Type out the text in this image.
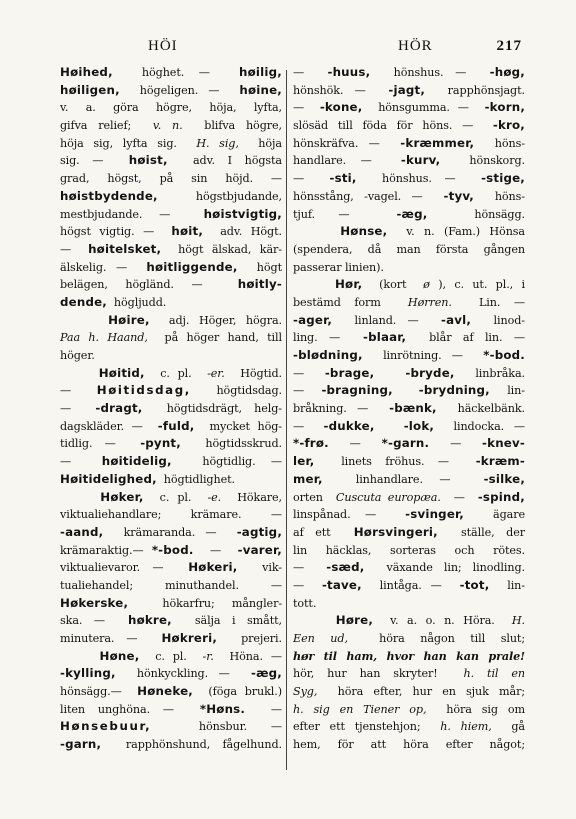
HÖI	HÖR	217
Høihed,  höghet. —  høilig,
høiligen,  högeligen. —  høine,
v. a. göra högre, höja, lyfta,
gifva relief;  v. n.  blifva högre,
höja sig, lyfta sig.  H. sig,  höja
sig. —  høist,  adv. I högsta
grad, högst, på sin höjd. —
høistbydende,  högstbjudande,
mestbjudande. —  høistvigtig,
högst vigtig. —  høit,  adv. Högt.
—  høitelsket,  högt älskad, kär-
älskelig. —  høitliggende,  högt
belägen, högländ. —  høitly-
dende,  högljudd.
Høire,  adj. Höger, högra.
Paa h. Haand,  på höger hand, till
höger.
Høitid,  c. pl.  -er.  Högtid.
—  Høitidsdag,  högtidsdag.
—  -dragt,  högtidsdrägt, helg-
dagskläder. —  -fuld,  mycket hög-
tidlig. —  -pynt,  högtidsskrud.
—  høitidelig,  högtidlig. —
Høitidelighed,  högtidlighet.
Høker,  c. pl.  -e.  Hökare,
viktualiehandlare; krämare. —
-aand,  krämaranda. —  -agtig,
krämaraktig.— *-bod.  —  -varer,
viktualievaror. —  Høkeri,  vik-
tualiehandel; minuthandel. —
Høkerske,  hökarfru; mångler-
ska. —  høkre,  sälja i smått,
minutera. —  Høkreri,  prejeri.
Høne,  c. pl.  -r.  Höna. —
-kylling,  hönkyckling. —  -æg,
hönsägg.—  Høneke,  (föga brukl.)
liten unghöna. —  *Høns.  —
Hønsebuur,  hönsbur. —
-garn,  rapphönshund, fågelhund.
—  -huus,  hönshus. —  -høg,
hönshök. —  -jagt,  rapphönsjagt.
—  -kone,  hönsgumma. —  -korn,
slösäd till föda för höns. —  -kro,
hönskräfva. —  -kræmmer,  höns-
handlare. —  -kurv,  hönskorg.
—  -sti,  hönshus. —  -stige,
hönsstång, -vagel. —  -tyv,  höns-
tjuf. —  -æg,  hönsägg.
Hønse,  v. n. (Fam.) Hönsa
(spendera, då man första gången
passerar linien).
Hør,  (kort  ø ), c. ut. pl., i
bestämd form  Hørren.  Lin. —
-ager,  linland. —  -avl,  linod-
ling. —  -blaar,  blår af lin. —
-blødning,  linrötning. —  *-bod.
—  -brage,	-bryde,  linbråka.
—  -bragning, -brydning,  lin-
bråkning. —  -bænk,  häckelbänk.
—  -dukke, -lok,  lindocka. —
*-frø.  —  *-garn.  —  -knev-
ler,  linets fröhus. —  -kræm-
mer,  linhandlare. —  -silke,
orten  Cuscuta europæa.  —  -spind,
linspånad. —  -svinger,  ägare
af ett  Hørsvingeri,  ställe, der
lin häcklas, sorteras och rötes.
—  -sæd,  växande lin; linodling.
—  -tave,  lintåga. —  -tot,  lin-
tott.
Høre,  v. a. o. n. Höra.  H.
Een ud,  höra någon till slut;
hør til ham, hvor han kan prale!
hör, hur han skryter!  h. til en
Syg,  höra efter, hur en sjuk mår;
h. sig en Tiener op,  höra sig om
efter ett tjenstehjon;  h. hiem,  gå
hem, för att höra efter något;
